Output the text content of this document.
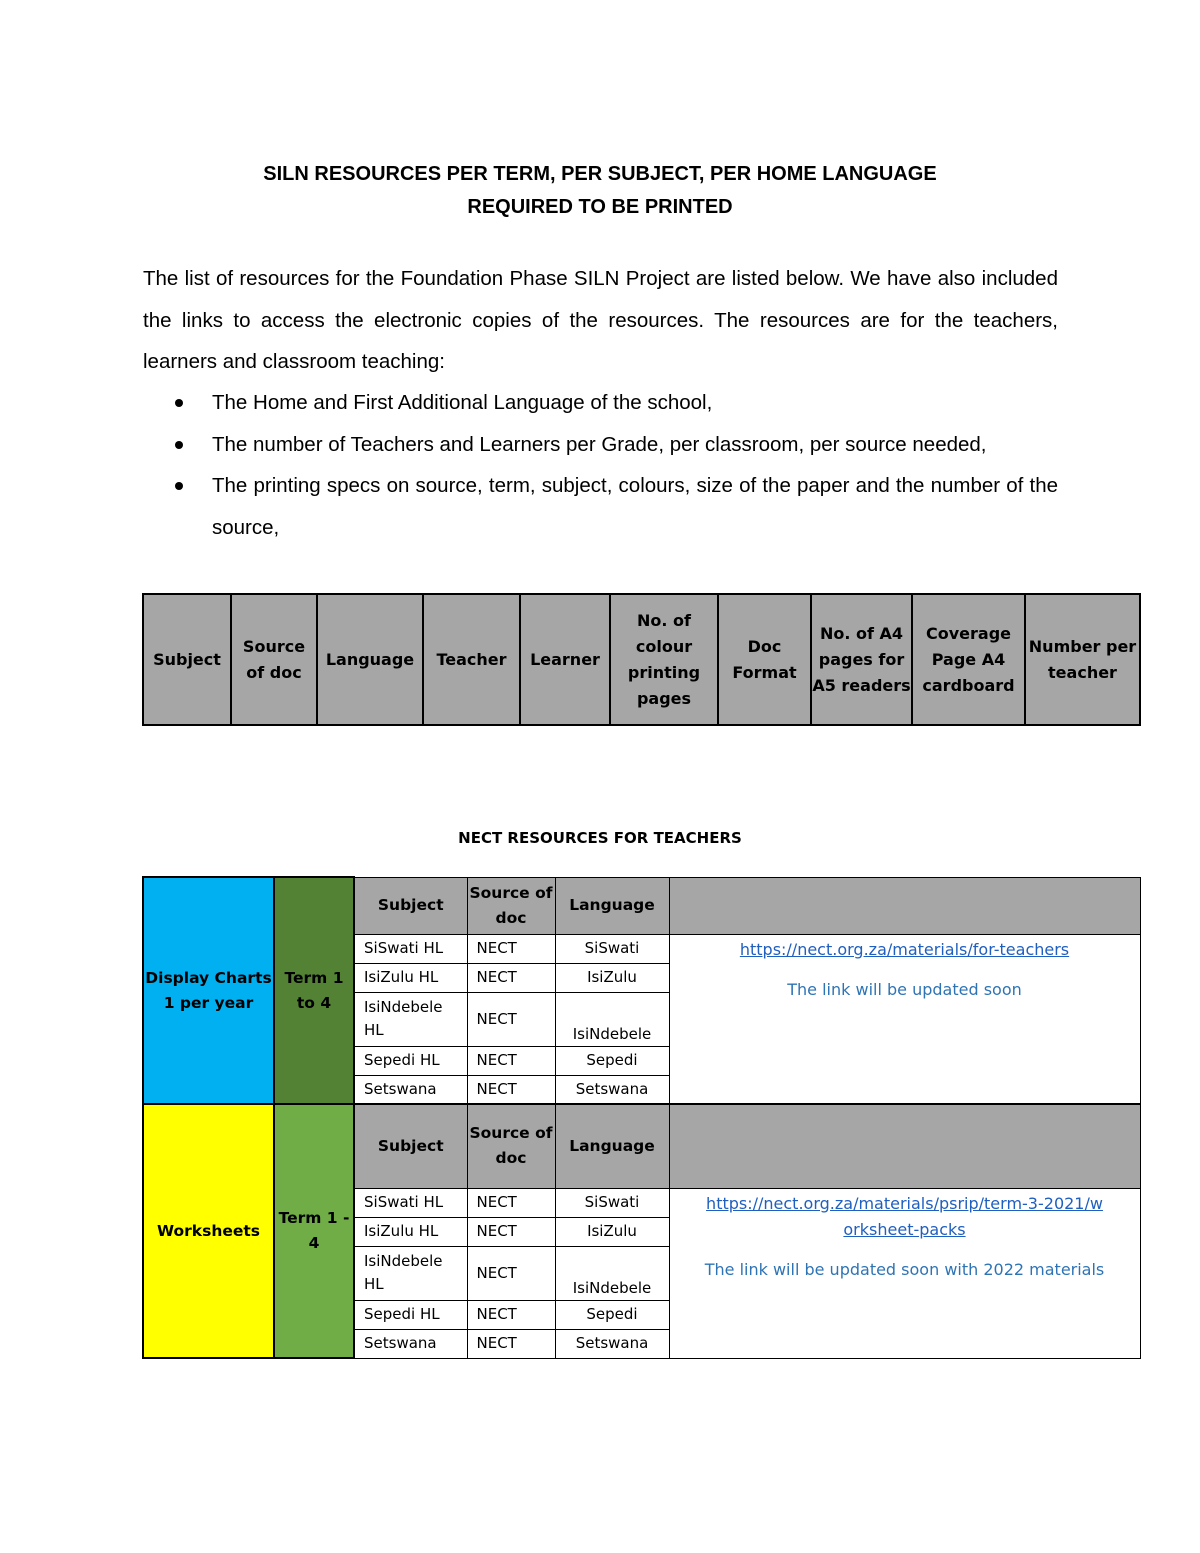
SILN RESOURCES PER TERM, PER SUBJECT, PER HOME LANGUAGE
REQUIRED TO BE PRINTED

The list of resources for the Foundation Phase SILN Project are listed below. We have also included the links to access the electronic copies of the resources. The resources are for the teachers, learners and classroom teaching:

The Home and First Additional Language of the school,
The number of Teachers and Learners per Grade, per classroom, per source needed,
The printing specs on source, term, subject, colours, size of the paper and the number of the source,
Subject	Source of doc	Language	Teacher	Learner	No. of colour printing pages	Doc Format	No. of A4 pages for A5 readers	Coverage Page A4 cardboard	Number per teacher
NECT RESOURCES FOR TEACHERS
Display Charts 1 per year	Term 1 to 4	Subject	Source of doc	Language	
		SiSwati HL	NECT	SiSwati	https://nect.org.za/materials/for-teachers
The link will be updated soon
		IsiZulu HL	NECT	IsiZulu	
		IsiNdebele HL	NECT	IsiNdebele	
		Sepedi HL	NECT	Sepedi	
		Setswana	NECT	Setswana	
Worksheets	Term 1 - 4	Subject	Source of doc	Language	
		SiSwati HL	NECT	SiSwati	https://nect.org.za/materials/psrip/term-3-2021/worksheet-packs
The link will be updated soon with 2022 materials
		IsiZulu HL	NECT	IsiZulu	
		IsiNdebele HL	NECT	IsiNdebele	
		Sepedi HL	NECT	Sepedi	
		Setswana	NECT	Setswana	
